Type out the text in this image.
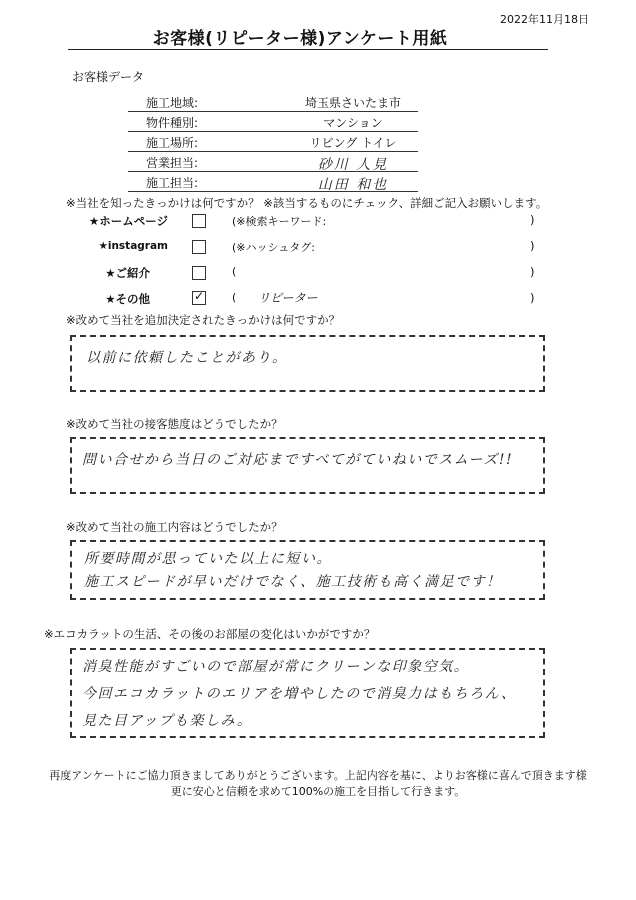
2022年11月18日
お客様(リピーター様)アンケート用紙
お客様データ
施工地域:	埼玉県さいたま市
物件種別:	マンション
施工場所:	リビング トイレ
営業担当:	砂川 人見
施工担当:	山田 和也
※当社を知ったきっかけは何ですか？ ※該当するものにチェック、詳細ご記入お願いします。
★ホームページ	(※検索キーワード:	)
★instagram	(※ハッシュタグ:	)
★ご紹介	(	)
★その他	✓	( リピーター	)
※改めて当社を追加決定されたきっかけは何ですか？
以前に依頼したことがあり。
※改めて当社の接客態度はどうでしたか？
問い合せから当日のご対応まですべてがていねいでスムーズ!!
※改めて当社の施工内容はどうでしたか？
所要時間が思っていた以上に短い。
施工スピードが早いだけでなく、施工技術も高く満足です！
※エコカラットの生活、その後のお部屋の変化はいかがですか？
消臭性能がすごいので部屋が常にクリーンな印象空気。
今回エコカラットのエリアを増やしたので消臭力はもちろん、
見た目アップも楽しみ。
再度アンケートにご協力頂きましてありがとうございます。上記内容を基に、よりお客様に喜んで頂きます様
更に安心と信頼を求めて100%の施工を目指して行きます。
